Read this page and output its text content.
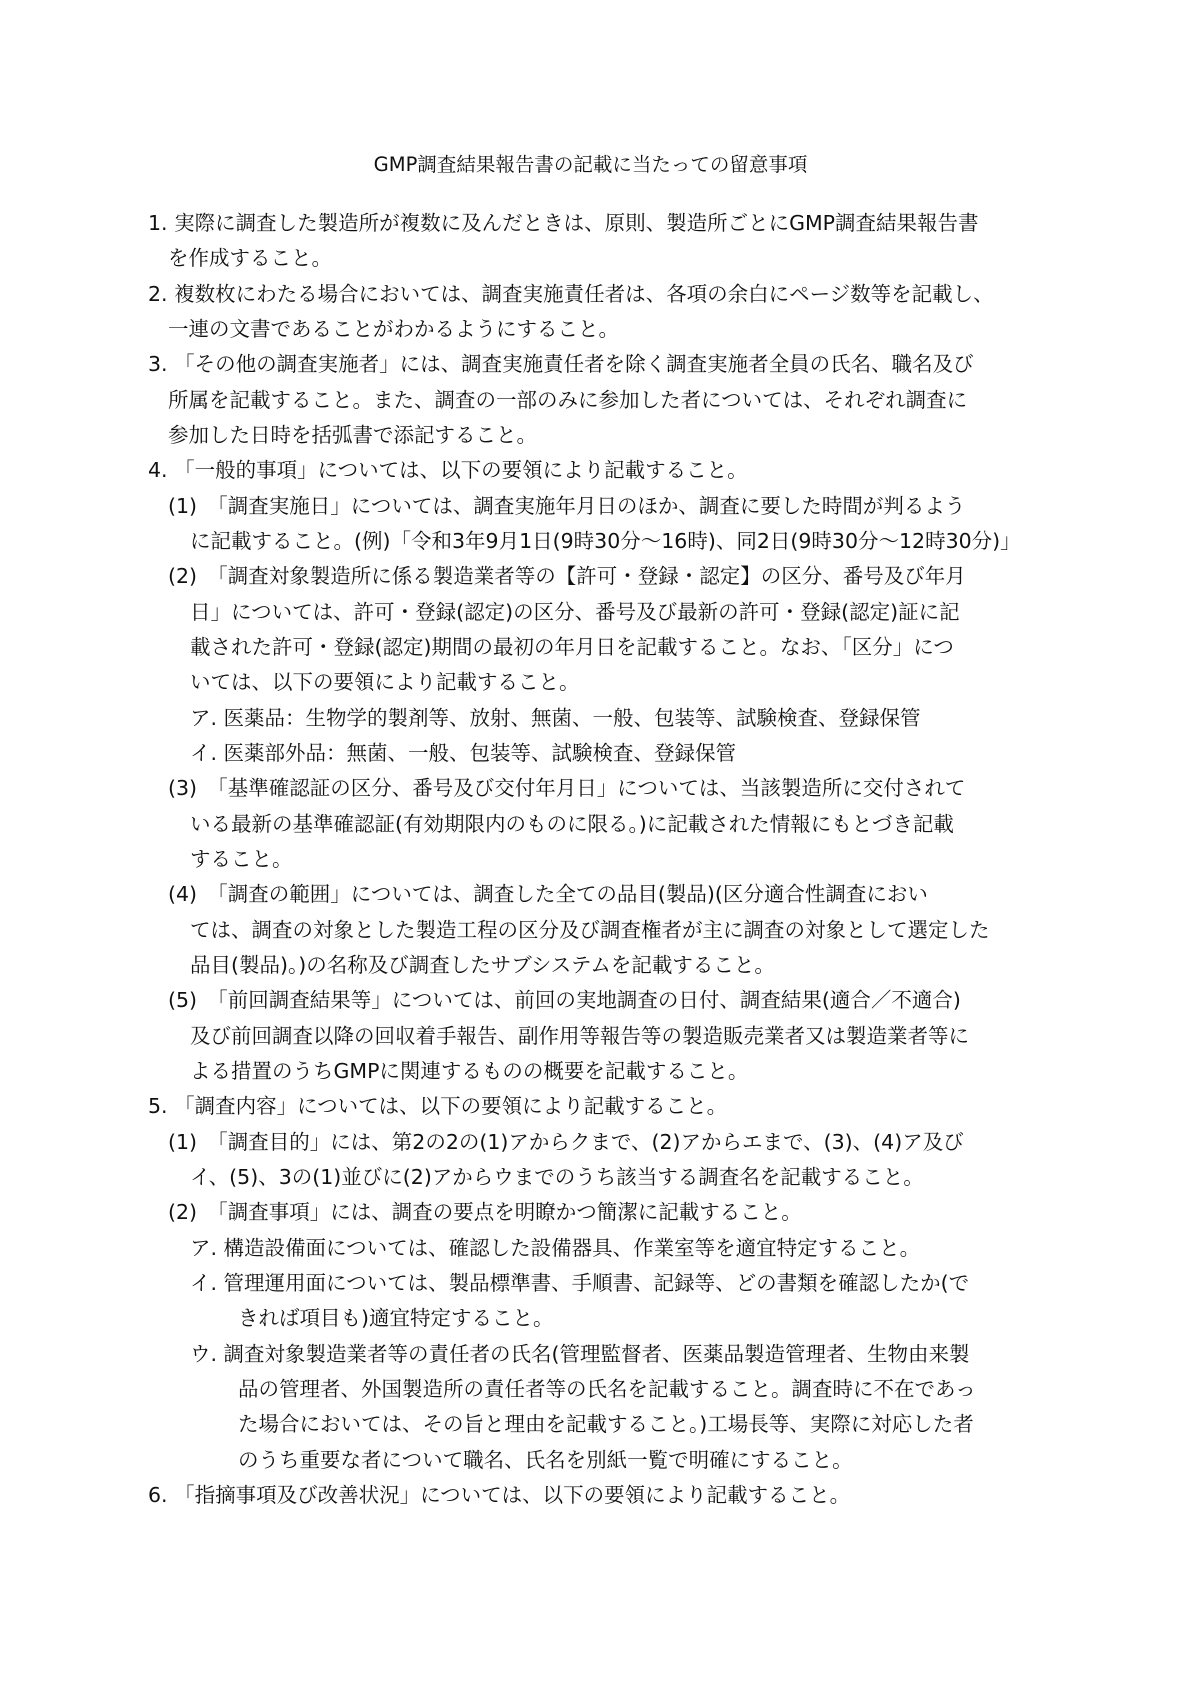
GMP調査結果報告書の記載に当たっての留意事項
1. 実際に調査した製造所が複数に及んだときは、原則、製造所ごとにGMP調査結果報告書
を作成すること。
2. 複数枚にわたる場合においては、調査実施責任者は、各項の余白にページ数等を記載し、
一連の文書であることがわかるようにすること。
3. 「その他の調査実施者」には、調査実施責任者を除く調査実施者全員の氏名、職名及び
所属を記載すること。また、調査の一部のみに参加した者については、それぞれ調査に
参加した日時を括弧書で添記すること。
4. 「一般的事項」については、以下の要領により記載すること。
(1)　「調査実施日」については、調査実施年月日のほか、調査に要した時間が判るよう
に記載すること。(例)「令和3年9月1日(9時30分～16時)、同2日(9時30分～12時30分)」
(2)　「調査対象製造所に係る製造業者等の【許可・登録・認定】の区分、番号及び年月
日」については、許可・登録(認定)の区分、番号及び最新の許可・登録(認定)証に記
載された許可・登録(認定)期間の最初の年月日を記載すること。なお、「区分」につ
いては、以下の要領により記載すること。
ア. 医薬品：生物学的製剤等、放射、無菌、一般、包装等、試験検査、登録保管
イ. 医薬部外品：無菌、一般、包装等、試験検査、登録保管
(3)　「基準確認証の区分、番号及び交付年月日」については、当該製造所に交付されて
いる最新の基準確認証(有効期限内のものに限る。)に記載された情報にもとづき記載
すること。
(4)　「調査の範囲」については、調査した全ての品目(製品)(区分適合性調査におい
ては、調査の対象とした製造工程の区分及び調査権者が主に調査の対象として選定した
品目(製品)。)の名称及び調査したサブシステムを記載すること。
(5)　「前回調査結果等」については、前回の実地調査の日付、調査結果(適合／不適合)
及び前回調査以降の回収着手報告、副作用等報告等の製造販売業者又は製造業者等に
よる措置のうちGMPに関連するものの概要を記載すること。
5. 「調査内容」については、以下の要領により記載すること。
(1)　「調査目的」には、第2の2の(1)アからクまで、(2)アからエまで、(3)、(4)ア及び
イ、(5)、3の(1)並びに(2)アからウまでのうち該当する調査名を記載すること。
(2)　「調査事項」には、調査の要点を明瞭かつ簡潔に記載すること。
ア. 構造設備面については、確認した設備器具、作業室等を適宜特定すること。
イ. 管理運用面については、製品標準書、手順書、記録等、どの書類を確認したか(で
きれば項目も)適宜特定すること。
ウ. 調査対象製造業者等の責任者の氏名(管理監督者、医薬品製造管理者、生物由来製
品の管理者、外国製造所の責任者等の氏名を記載すること。調査時に不在であっ
た場合においては、その旨と理由を記載すること。)工場長等、実際に対応した者
のうち重要な者について職名、氏名を別紙一覧で明確にすること。
6. 「指摘事項及び改善状況」については、以下の要領により記載すること。
